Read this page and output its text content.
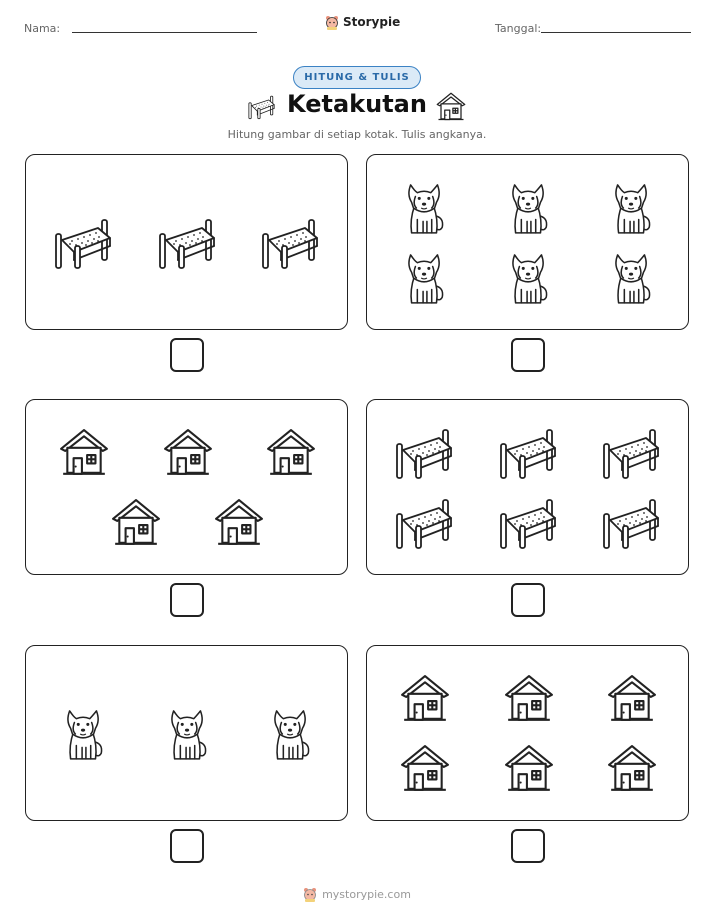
Nama:	Storypie	Tanggal:
HITUNG & TULIS
Ketakutan
Hitung gambar di setiap kotak. Tulis angkanya.
mystorypie.com
